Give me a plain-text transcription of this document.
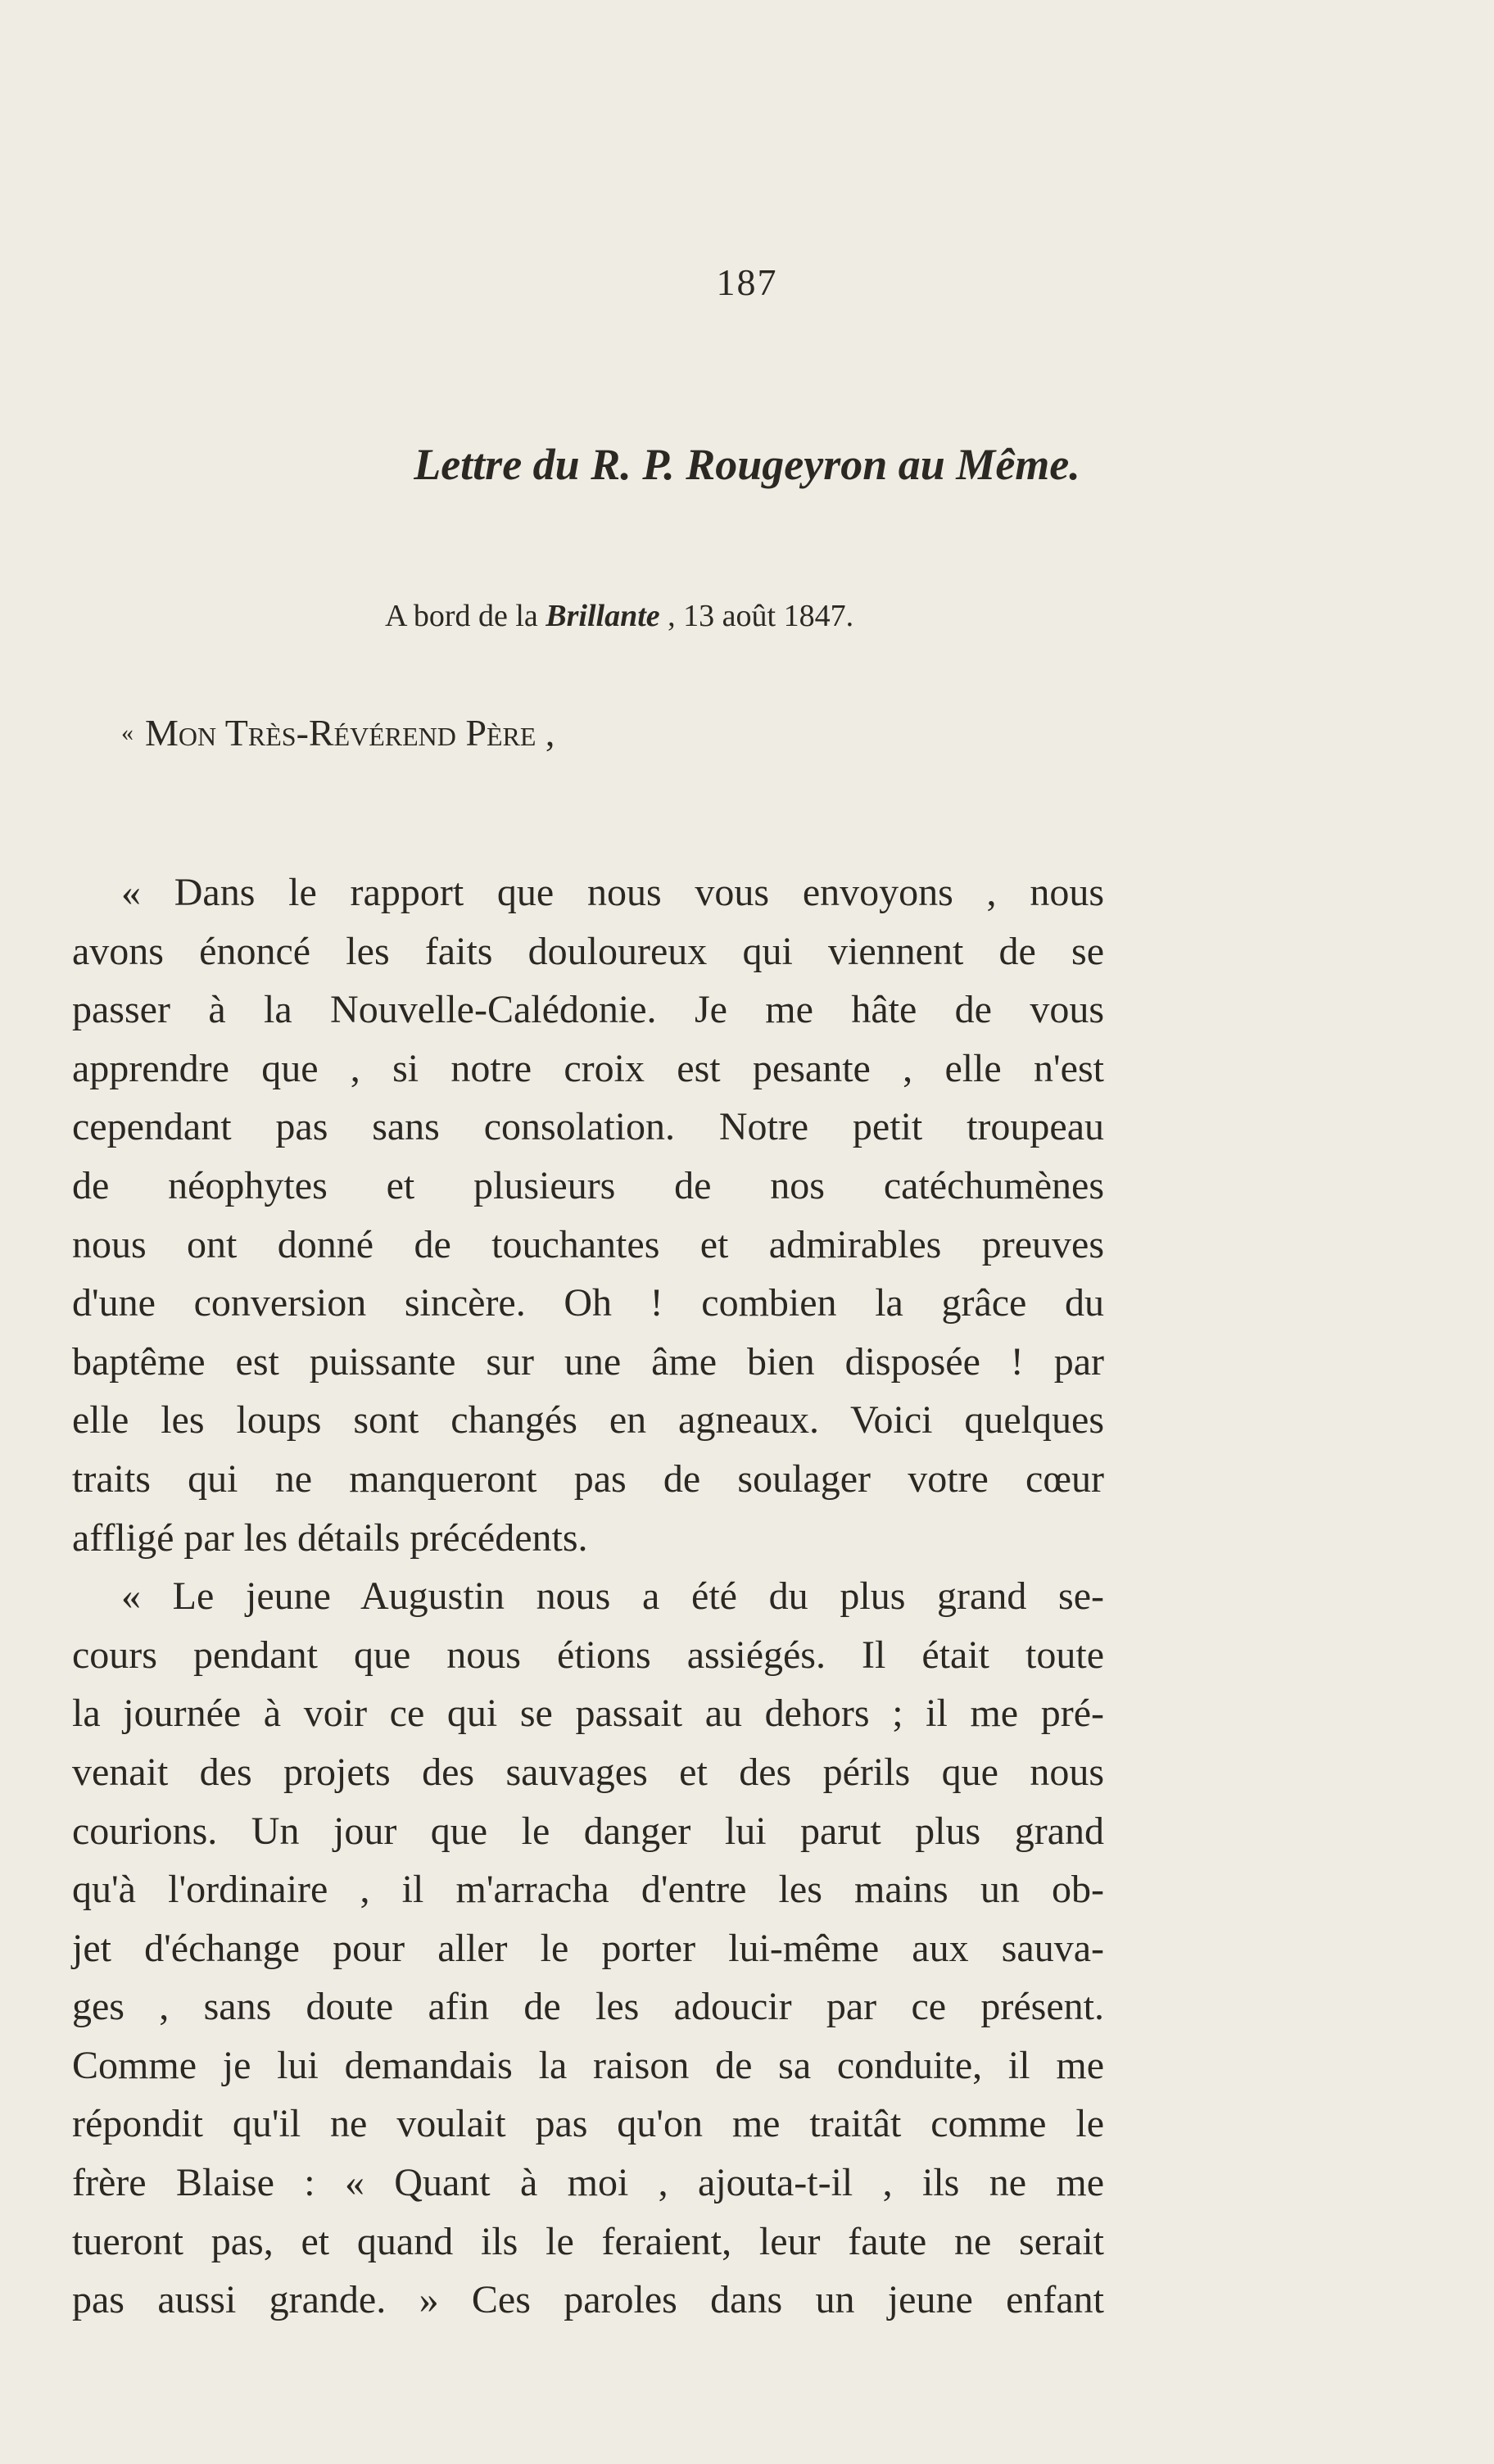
187
Lettre du R. P. Rougeyron au Même.
A bord de la Brillante , 13 août 1847.
« Mon Très-Révérend Père ,
« Dans le rapport que nous vous envoyons , nous
avons énoncé les faits douloureux qui viennent de se
passer à la Nouvelle-Calédonie. Je me hâte de vous
apprendre que , si notre croix est pesante , elle n'est
cependant pas sans consolation. Notre petit troupeau
de néophytes et plusieurs de nos catéchumènes
nous ont donné de touchantes et admirables preuves
d'une conversion sincère. Oh ! combien la grâce du
baptême est puissante sur une âme bien disposée ! par
elle les loups sont changés en agneaux. Voici quelques
traits qui ne manqueront pas de soulager votre cœur
affligé par les détails précédents.
« Le jeune Augustin nous a été du plus grand se-
cours pendant que nous étions assiégés. Il était toute
la journée à voir ce qui se passait au dehors ; il me pré-
venait des projets des sauvages et des périls que nous
courions. Un jour que le danger lui parut plus grand
qu'à l'ordinaire , il m'arracha d'entre les mains un ob-
jet d'échange pour aller le porter lui-même aux sauva-
ges , sans doute afin de les adoucir par ce présent.
Comme je lui demandais la raison de sa conduite, il me
répondit qu'il ne voulait pas qu'on me traitât comme le
frère Blaise : « Quant à moi , ajouta-t-il , ils ne me
tueront pas, et quand ils le feraient, leur faute ne serait
pas aussi grande. » Ces paroles dans un jeune enfant
